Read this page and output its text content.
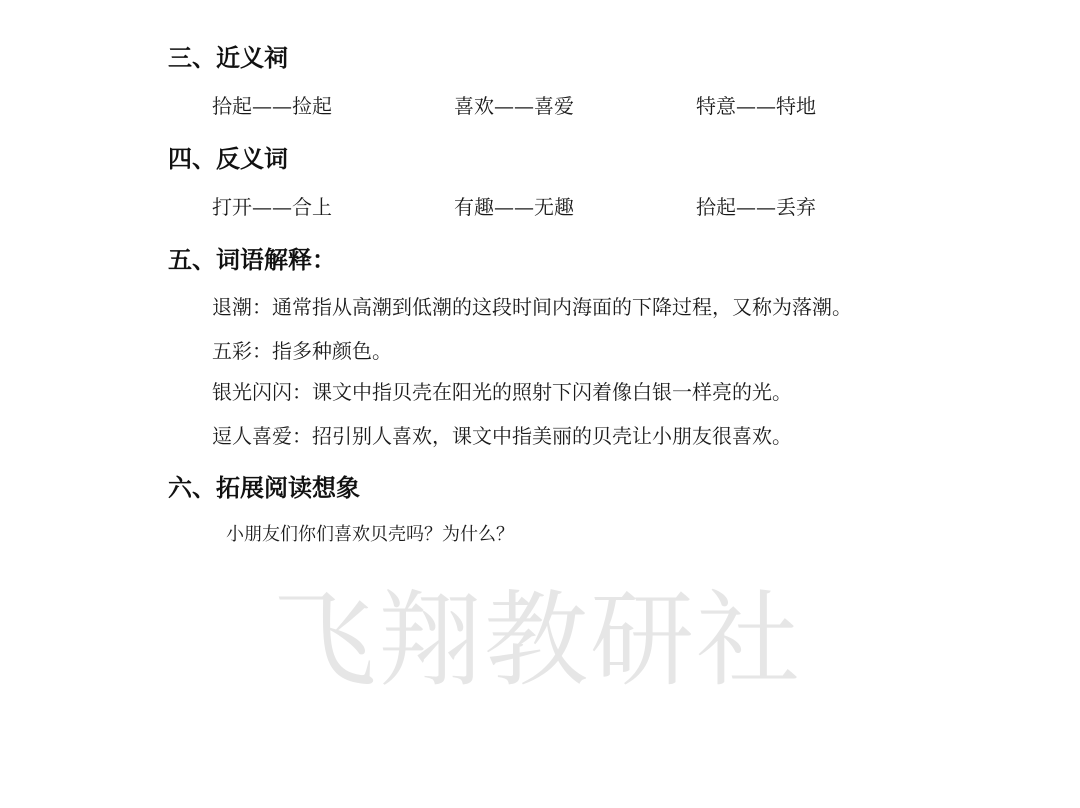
三、近义祠
拾起——捡起	喜欢——喜爱	特意——特地
四、反义词
打开——合上	有趣——无趣	拾起——丢弃
五、词语解释：
退潮：通常指从高潮到低潮的这段时间内海面的下降过程，又称为落潮。
五彩：指多种颜色。
银光闪闪：课文中指贝壳在阳光的照射下闪着像白银一样亮的光。
逗人喜爱：招引别人喜欢，课文中指美丽的贝壳让小朋友很喜欢。
六、拓展阅读想象
小朋友们你们喜欢贝壳吗？为什么？
飞翔教研社
